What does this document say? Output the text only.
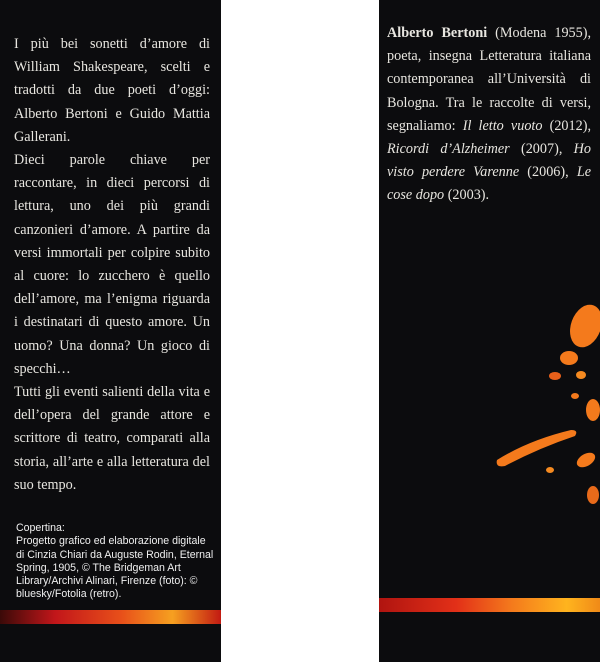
I più bei sonetti d’amore di William Shakespeare, scelti e tradotti da due poeti d’oggi: Alberto Bertoni e Guido Mattia Gallerani.

Dieci parole chiave per raccontare, in dieci percorsi di lettura, uno dei più grandi canzonieri d’amore. A partire da versi immortali per colpire subito al cuore: lo zucchero è quello dell’amore, ma l’enigma riguarda i destinatari di questo amore. Un uomo? Una donna? Un gioco di specchi…

Tutti gli eventi salienti della vita e dell’opera del grande attore e scrittore di teatro, comparati alla storia, all’arte e alla letteratura del suo tempo.

Alberto Bertoni (Modena 1955), poeta, insegna Letteratura italiana contemporanea all’Università di Bologna. Tra le raccolte di versi, segnaliamo: Il letto vuoto (2012), Ricordi d’Alzheimer (2007), Ho visto perdere Varenne (2006), Le cose dopo (2003).
Copertina:
Progetto grafico ed elaborazione digitale di Cinzia Chiari da Auguste Rodin, Eternal Spring, 1905, © The Bridgeman Art Library/Archivi Alinari, Firenze (foto): © bluesky/Fotolia (retro).
